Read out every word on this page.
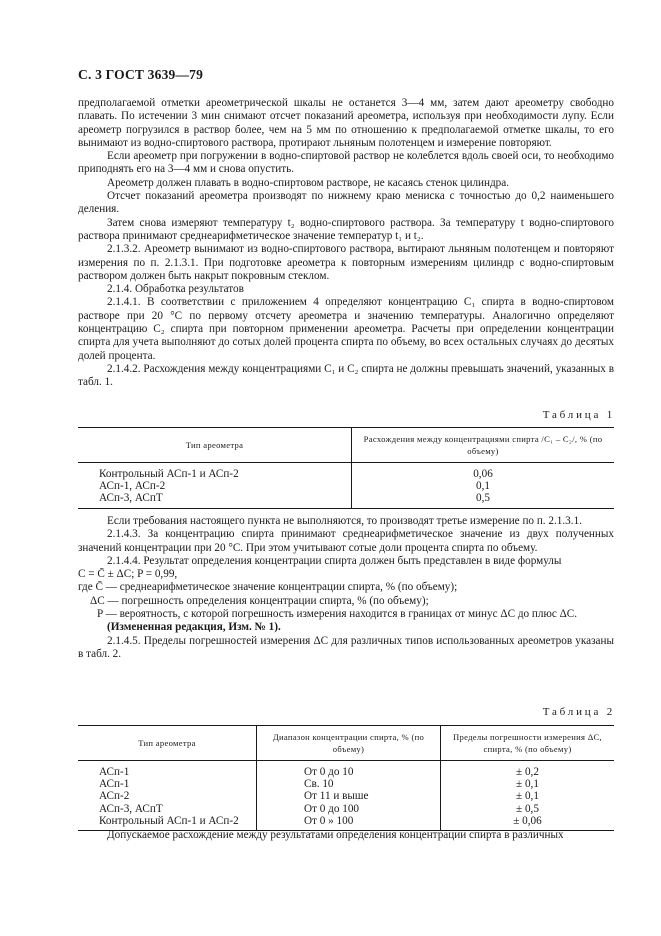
С. 3 ГОСТ 3639—79

предполагаемой отметки ареометрической шкалы не останется 3—4 мм, затем дают ареометру свободно плавать. По истечении 3 мин снимают отсчет показаний ареометра, используя при необходимости лупу. Если ареометр погрузился в раствор более, чем на 5 мм по отношению к предполагаемой отметке шкалы, то его вынимают из водно-спиртового раствора, протирают льняным полотенцем и измерение повторяют.

Если ареометр при погружении в водно-спиртовой раствор не колеблется вдоль своей оси, то необходимо приподнять его на 3—4 мм и снова опустить.

Ареометр должен плавать в водно-спиртовом растворе, не касаясь стенок цилиндра.

Отсчет показаний ареометра производят по нижнему краю мениска с точностью до 0,2 наименьшего деления.

Затем снова измеряют температуру t₂ водно-спиртового раствора. За температуру t водно-спиртового раствора принимают среднеарифметическое значение температур t₁ и t₂.

2.1.3.2. Ареометр вынимают из водно-спиртового раствора, вытирают льняным полотенцем и повторяют измерения по п. 2.1.3.1. При подготовке ареометра к повторным измерениям цилиндр с водно-спиртовым раствором должен быть накрыт покровным стеклом.

2.1.4. Обработка результатов

2.1.4.1. В соответствии с приложением 4 определяют концентрацию C₁ спирта в водно-спиртовом растворе при 20 °С по первому отсчету ареометра и значению температуры. Аналогично определяют концентрацию C₂ спирта при повторном применении ареометра. Расчеты при определении концентрации спирта для учета выполняют до сотых долей процента спирта по объему, во всех остальных случаях до десятых долей процента.

2.1.4.2. Расхождения между концентрациями C₁ и C₂ спирта не должны превышать значений, указанных в табл. 1.

Таблица 1
Тип ареометра	Расхождения между концентрациями спирта /C₁ – C₂/, % (по объему)
Контрольный АСп-1 и АСп-2	0,06
АСп-1, АСп-2	0,1
АСп-3, АСпТ	0,5

Если требования настоящего пункта не выполняются, то производят третье измерение по п. 2.1.3.1.

2.1.4.3. За концентрацию спирта принимают среднеарифметическое значение из двух полученных значений концентрации при 20 °С. При этом учитывают сотые доли процента спирта по объему.

2.1.4.4. Результат определения концентрации спирта должен быть представлен в виде формулы

C = C̄ ± ΔC; P = 0,99,

где C̄ — среднеарифметическое значение концентрации спирта, % (по объему);

ΔC — погрешность определения концентрации спирта, % (по объему);

P — вероятность, с которой погрешность измерения находится в границах от минус ΔC до плюс ΔC.

(Измененная редакция, Изм. № 1).

2.1.4.5. Пределы погрешностей измерения ΔC для различных типов использованных ареометров указаны в табл. 2.

Таблица 2
Тип ареометра	Диапазон концентрации спирта, % (по объему)	Пределы погрешности измерения ΔC, спирта, % (по объему)
АСп-1	От 0 до 10	± 0,2
АСп-1	Св. 10	± 0,1
АСп-2	От 11 и выше	± 0,1
АСп-3, АСпТ	От 0 до 100	± 0,5
Контрольный АСп-1 и АСп-2	От 0 » 100	± 0,06

Допускаемое расхождение между результатами определения концентрации спирта в различных
